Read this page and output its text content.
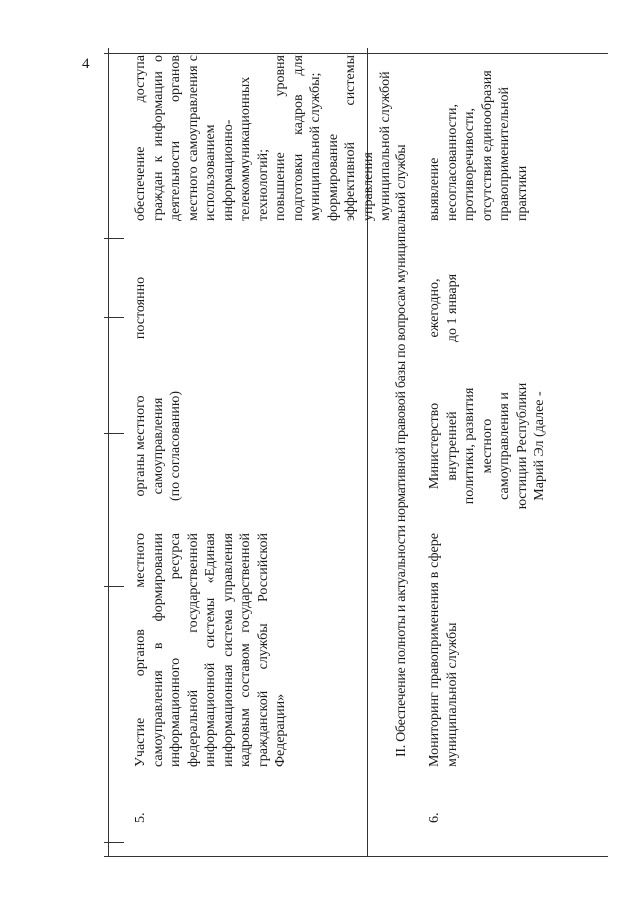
4
5.
Участие органов местного самоуправления в формировании информационного ресурса федеральной государственной информационной системы «Единая информационная система управления кадровым составом государственной гражданской службы Российской Федерации»
органы местного
самоуправления
(по согласованию)
постоянно
обеспечение доступа граждан к информации о деятельности органов местного самоуправления с использованием информационно-телекоммуникационных технологий;
повышение уровня подготовки кадров для муниципальной службы;
формирование эффективной системы управления муниципальной службой
II. Обеспечение полноты и актуальности нормативной правовой базы по вопросам муниципальной службы
6.
Мониторинг правоприменения в сфере муниципальной службы
Министерство
внутренней
политики, развития
местного
самоуправления и
юстиции Республики
Марий Эл (далее -
ежегодно,
до 1 января
выявление несогласованности, противоречивости, отсутствия единообразия правоприменительной практики
